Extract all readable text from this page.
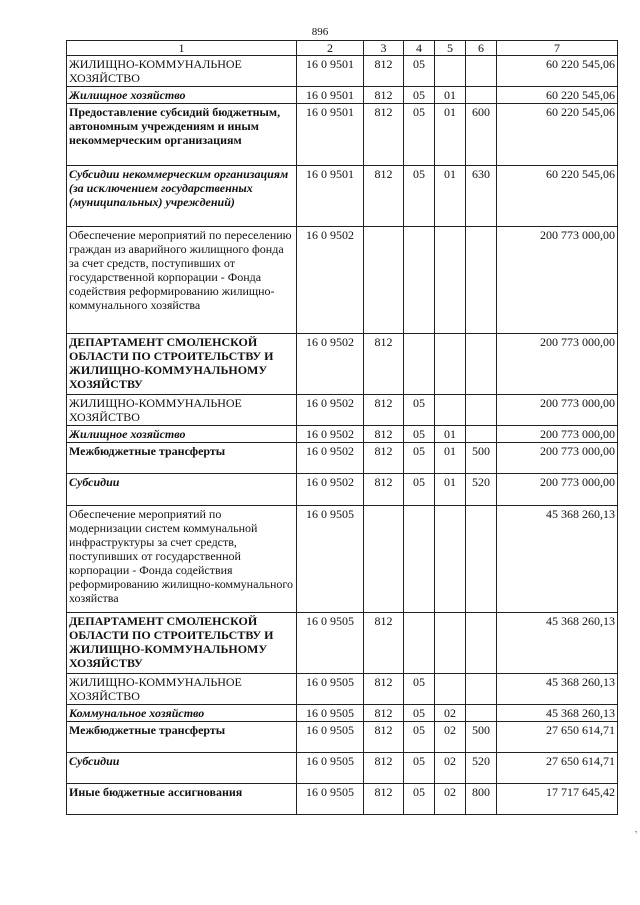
896
1	2	3	4	5	6	7
ЖИЛИЩНО-КОММУНАЛЬНОЕ ХОЗЯЙСТВО	16 0 9501	812	05			60 220 545,06
Жилищное хозяйство	16 0 9501	812	05	01		60 220 545,06
Предоставление субсидий бюджетным, автономным учреждениям и иным некоммерческим организациям	16 0 9501	812	05	01	600	60 220 545,06
Субсидии некоммерческим организациям (за исключением государственных (муниципальных) учреждений)	16 0 9501	812	05	01	630	60 220 545,06
Обеспечение мероприятий по переселению граждан из аварийного жилищного фонда за счет средств, поступивших от государственной корпорации - Фонда содействия реформированию жилищно-коммунального хозяйства	16 0 9502					200 773 000,00
ДЕПАРТАМЕНТ СМОЛЕНСКОЙ ОБЛАСТИ ПО СТРОИТЕЛЬСТВУ И ЖИЛИЩНО-КОММУНАЛЬНОМУ ХОЗЯЙСТВУ	16 0 9502	812				200 773 000,00
ЖИЛИЩНО-КОММУНАЛЬНОЕ ХОЗЯЙСТВО	16 0 9502	812	05			200 773 000,00
Жилищное хозяйство	16 0 9502	812	05	01		200 773 000,00
Межбюджетные трансферты	16 0 9502	812	05	01	500	200 773 000,00
Субсидии	16 0 9502	812	05	01	520	200 773 000,00
Обеспечение мероприятий по модернизации систем коммунальной инфраструктуры за счет средств, поступивших от государственной корпорации - Фонда содействия реформированию жилищно-коммунального хозяйства	16 0 9505					45 368 260,13
ДЕПАРТАМЕНТ СМОЛЕНСКОЙ ОБЛАСТИ ПО СТРОИТЕЛЬСТВУ И ЖИЛИЩНО-КОММУНАЛЬНОМУ ХОЗЯЙСТВУ	16 0 9505	812				45 368 260,13
ЖИЛИЩНО-КОММУНАЛЬНОЕ ХОЗЯЙСТВО	16 0 9505	812	05			45 368 260,13
Коммунальное хозяйство	16 0 9505	812	05	02		45 368 260,13
Межбюджетные трансферты	16 0 9505	812	05	02	500	27 650 614,71
Субсидии	16 0 9505	812	05	02	520	27 650 614,71
Иные бюджетные ассигнования	16 0 9505	812	05	02	800	17 717 645,42
,
